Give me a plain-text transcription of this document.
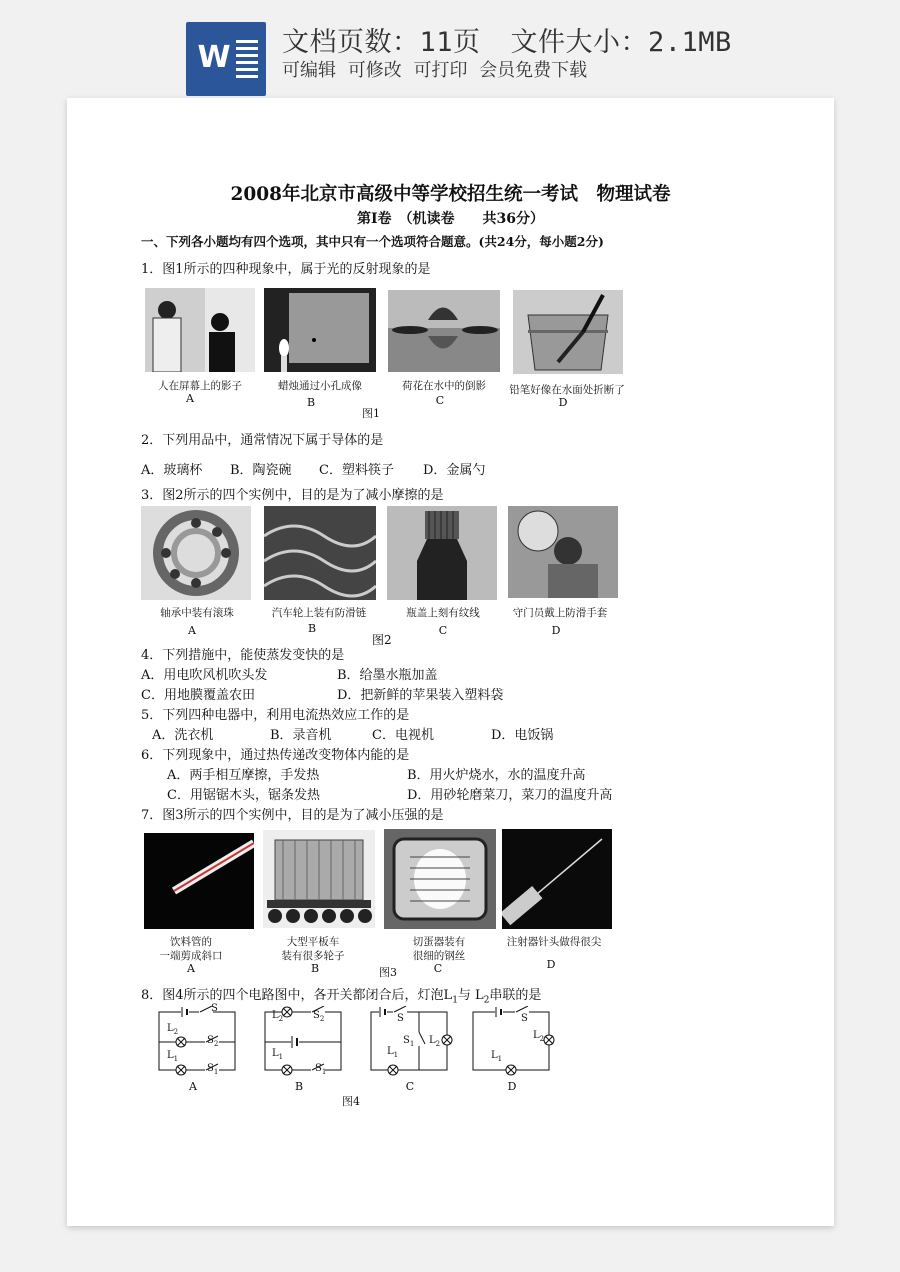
W 文档页数：11页 文件大小：2.1MB
可编辑 可修改 可打印 会员免费下载
2008年北京市高级中等学校招生统一考试　物理试卷
第Ⅰ卷　（机读卷　　共36分）
一、下列各小题均有四个选项，其中只有一个选项符合题意。(共24分，每小题2分)
1．图1所示的四种现象中，属于光的反射现象的是
人在屏幕上的影子	蜡烛通过小孔成像	荷花在水中的倒影	铅笔好像在水面处折断了
A	B	C	D
图1
2．下列用品中，通常情况下属于导体的是
A．玻璃杯 B．陶瓷碗 C．塑料筷子 D．金属勺
3．图2所示的四个实例中，目的是为了减小摩擦的是
轴承中装有滚珠	汽车轮上装有防滑链	瓶盖上刻有纹线	守门员戴上防滑手套
A	B	C	D
图2
4．下列措施中，能使蒸发变快的是
A．用电吹风机吹头发	B．给墨水瓶加盖
C．用地膜覆盖农田	D．把新鲜的苹果装入塑料袋
5．下列四种电器中，利用电流热效应工作的是
A．洗衣机	B．录音机	C．电视机	D．电饭锅
6．下列现象中，通过热传递改变物体内能的是
A．两手相互摩擦，手发热	B．用火炉烧水，水的温度升高
C．用锯锯木头，锯条发热	D．用砂轮磨菜刀，菜刀的温度升高
7．图3所示的四个实例中，目的是为了减小压强的是
饮料管的
一端剪成斜口
大型平板车
装有很多轮子
切蛋器装有
很细的钢丝
注射器针头做得很尖
A	B	C	D
图3
8．图4所示的四个电路图中，各开关都闭合后，灯泡$L_1$与 $L_2$串联的是
S
$L_2$
$S_2$
$L_1$
$S_1$
A
$L_2$	$S_2$
$L_1$
$S_1$
B
S
$S_1$ $L_2$
$L_1$
C
S
$L_2$
$L_1$
D
图4
